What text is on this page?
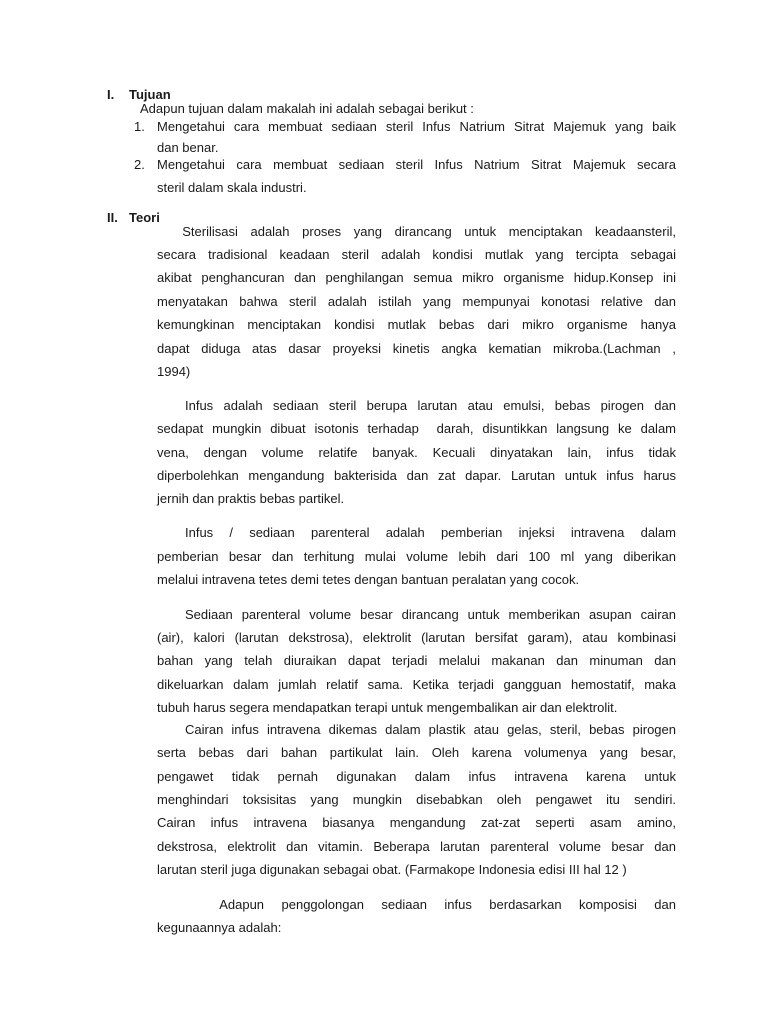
I. Tujuan
Adapun tujuan dalam makalah ini adalah sebagai berikut :
1. Mengetahui cara membuat sediaan steril Infus Natrium Sitrat Majemuk yang baik
dan benar.
2. Mengetahui cara membuat sediaan steril Infus Natrium Sitrat Majemuk secara
steril dalam skala industri.
II. Teori
Sterilisasi adalah proses yang dirancang untuk menciptakan keadaansteril,
secara tradisional keadaan steril adalah kondisi mutlak yang tercipta sebagai
akibat penghancuran dan penghilangan semua mikro organisme hidup.Konsep ini
menyatakan bahwa steril adalah istilah yang mempunyai konotasi relative dan
kemungkinan menciptakan kondisi mutlak bebas dari mikro organisme hanya
dapat diduga atas dasar proyeksi kinetis angka kematian mikroba.(Lachman ,
1994)
Infus adalah sediaan steril berupa larutan atau emulsi, bebas pirogen dan
sedapat mungkin dibuat isotonis terhadap  darah, disuntikkan langsung ke dalam
vena, dengan volume relatife banyak. Kecuali dinyatakan lain, infus tidak
diperbolehkan mengandung bakterisida dan zat dapar. Larutan untuk infus harus
jernih dan praktis bebas partikel.
Infus / sediaan parenteral adalah pemberian injeksi intravena dalam
pemberian besar dan terhitung mulai volume lebih dari 100 ml yang diberikan
melalui intravena tetes demi tetes dengan bantuan peralatan yang cocok.
Sediaan parenteral volume besar dirancang untuk memberikan asupan cairan
(air), kalori (larutan dekstrosa), elektrolit (larutan bersifat garam), atau kombinasi
bahan yang telah diuraikan dapat terjadi melalui makanan dan minuman dan
dikeluarkan dalam jumlah relatif sama. Ketika terjadi gangguan hemostatif, maka
tubuh harus segera mendapatkan terapi untuk mengembalikan air dan elektrolit.
Cairan infus intravena dikemas dalam plastik atau gelas, steril, bebas pirogen
serta bebas dari bahan partikulat lain. Oleh karena volumenya yang besar,
pengawet tidak pernah digunakan dalam infus intravena karena untuk
menghindari toksisitas yang mungkin disebabkan oleh pengawet itu sendiri.
Cairan infus intravena biasanya mengandung zat-zat seperti asam amino,
dekstrosa, elektrolit dan vitamin. Beberapa larutan parenteral volume besar dan
larutan steril juga digunakan sebagai obat. (Farmakope Indonesia edisi III hal 12 )
Adapun penggolongan sediaan infus berdasarkan komposisi dan
kegunaannya adalah:
